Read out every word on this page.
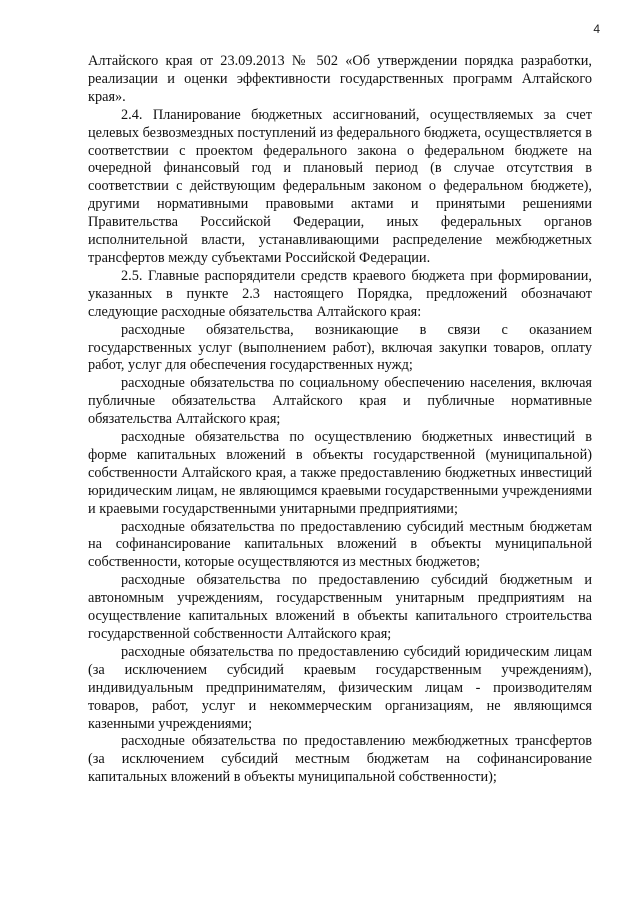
4

Алтайского края от 23.09.2013 № 502 «Об утверждении порядка разработки, реализации и оценки эффективности государственных программ Алтайского края».

2.4. Планирование бюджетных ассигнований, осуществляемых за счет целевых безвозмездных поступлений из федерального бюджета, осуществляется в соответствии с проектом федерального закона о федеральном бюджете на очередной финансовый год и плановый период (в случае отсутствия в соответствии с действующим федеральным законом о федеральном бюджете), другими нормативными правовыми актами и принятыми решениями Правительства Российской Федерации, иных федеральных органов исполнительной власти, устанавливающими распределение межбюджетных трансфертов между субъектами Российской Федерации.

2.5. Главные распорядители средств краевого бюджета при формировании, указанных в пункте 2.3 настоящего Порядка, предложений обозначают следующие расходные обязательства Алтайского края:

расходные обязательства, возникающие в связи с оказанием государственных услуг (выполнением работ), включая закупки товаров, оплату работ, услуг для обеспечения государственных нужд;

расходные обязательства по социальному обеспечению населения, включая публичные обязательства Алтайского края и публичные нормативные обязательства Алтайского края;

расходные обязательства по осуществлению бюджетных инвестиций в форме капитальных вложений в объекты государственной (муниципальной) собственности Алтайского края, а также предоставлению бюджетных инвестиций юридическим лицам, не являющимся краевыми государственными учреждениями и краевыми государственными унитарными предприятиями;

расходные обязательства по предоставлению субсидий местным бюджетам на софинансирование капитальных вложений в объекты муниципальной собственности, которые осуществляются из местных бюджетов;

расходные обязательства по предоставлению субсидий бюджетным и автономным учреждениям, государственным унитарным предприятиям на осуществление капитальных вложений в объекты капитального строительства государственной собственности Алтайского края;

расходные обязательства по предоставлению субсидий юридическим лицам (за исключением субсидий краевым государственным учреждениям), индивидуальным предпринимателям, физическим лицам - производителям товаров, работ, услуг и некоммерческим организациям, не являющимся казенными учреждениями;

расходные обязательства по предоставлению межбюджетных трансфертов (за исключением субсидий местным бюджетам на софинансирование капитальных вложений в объекты муниципальной собственности);
